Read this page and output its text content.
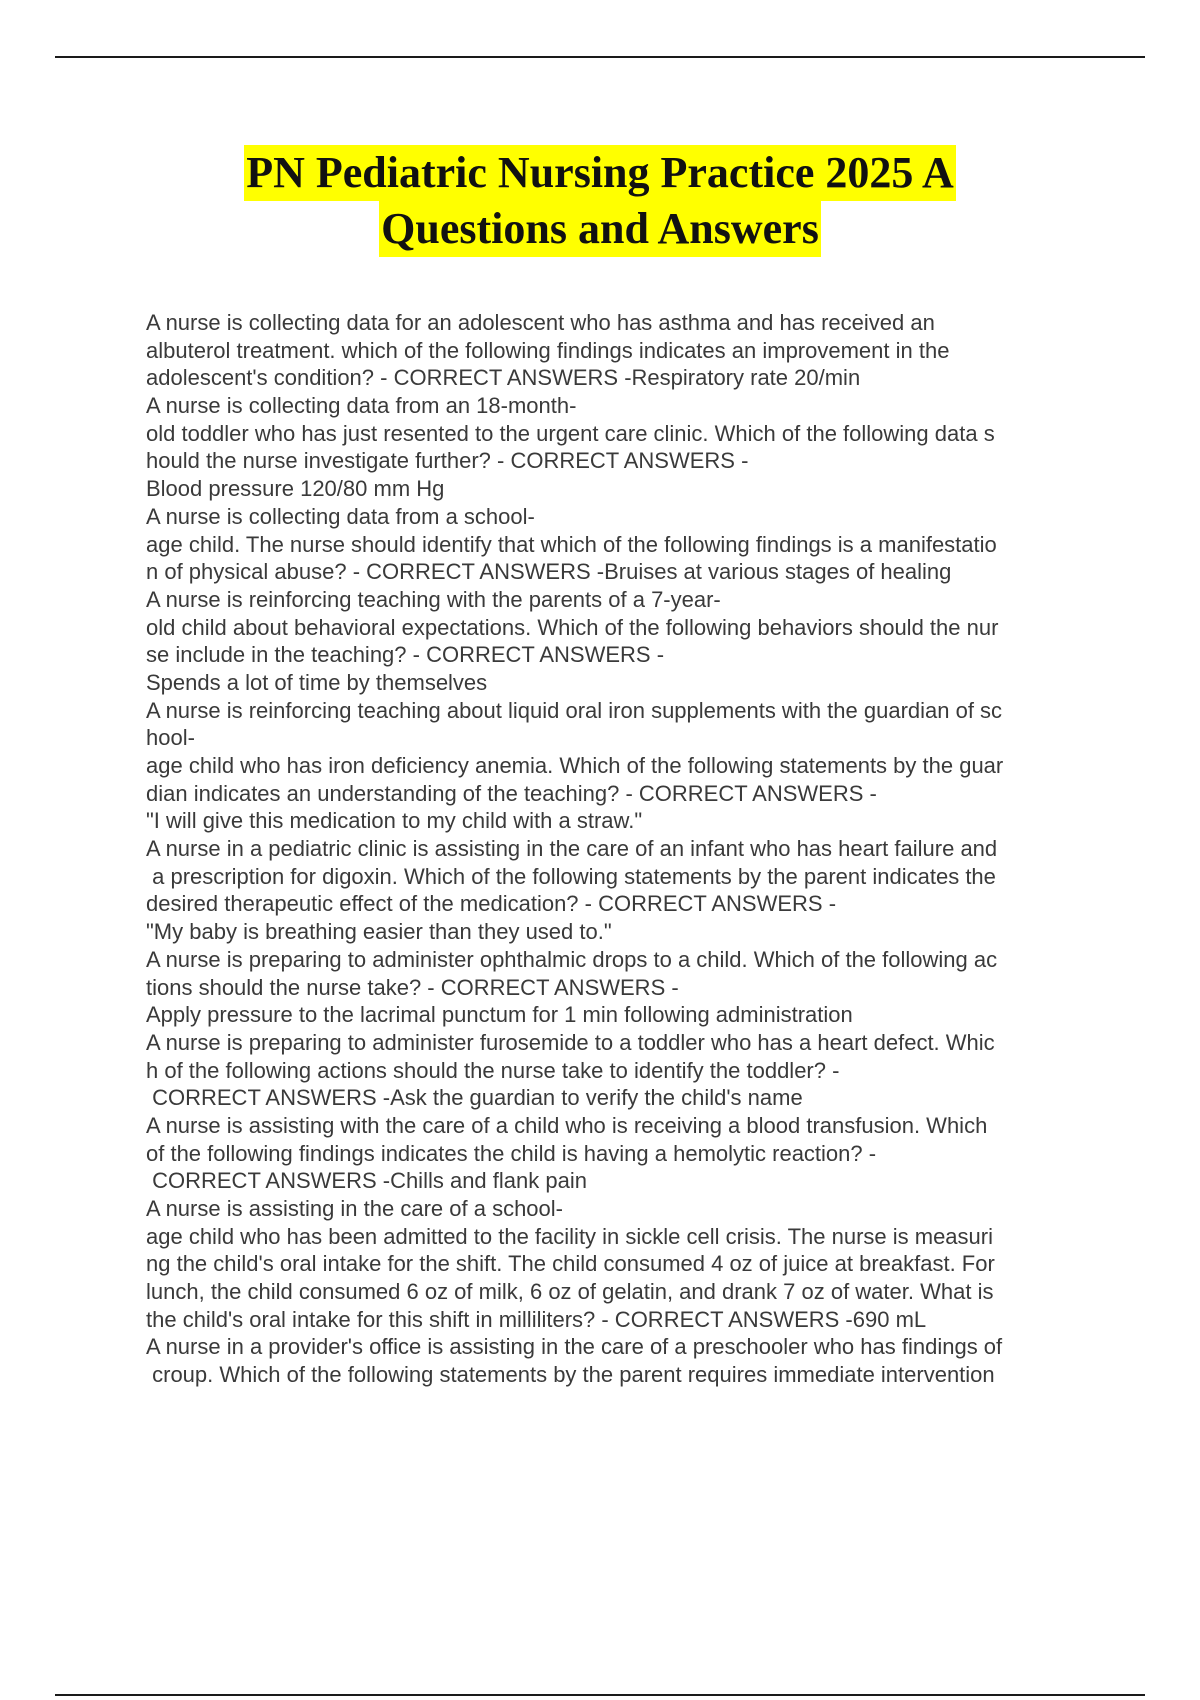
PN Pediatric Nursing Practice 2025 A
Questions and Answers
A nurse is collecting data for an adolescent who has asthma and has received an
albuterol treatment. which of the following findings indicates an improvement in the
adolescent's condition? - CORRECT ANSWERS -Respiratory rate 20/min
A nurse is collecting data from an 18-month-
old toddler who has just resented to the urgent care clinic. Which of the following data s
hould the nurse investigate further? - CORRECT ANSWERS -
Blood pressure 120/80 mm Hg
A nurse is collecting data from a school-
age child. The nurse should identify that which of the following findings is a manifestatio
n of physical abuse? - CORRECT ANSWERS -Bruises at various stages of healing
A nurse is reinforcing teaching with the parents of a 7-year-
old child about behavioral expectations. Which of the following behaviors should the nur
se include in the teaching? - CORRECT ANSWERS -
Spends a lot of time by themselves
A nurse is reinforcing teaching about liquid oral iron supplements with the guardian of sc
hool-
age child who has iron deficiency anemia. Which of the following statements by the guar
dian indicates an understanding of the teaching? - CORRECT ANSWERS -
"I will give this medication to my child with a straw."
A nurse in a pediatric clinic is assisting in the care of an infant who has heart failure and
a prescription for digoxin. Which of the following statements by the parent indicates the
desired therapeutic effect of the medication? - CORRECT ANSWERS -
"My baby is breathing easier than they used to."
A nurse is preparing to administer ophthalmic drops to a child. Which of the following ac
tions should the nurse take? - CORRECT ANSWERS -
Apply pressure to the lacrimal punctum for 1 min following administration
A nurse is preparing to administer furosemide to a toddler who has a heart defect. Whic
h of the following actions should the nurse take to identify the toddler? -
CORRECT ANSWERS -Ask the guardian to verify the child's name
A nurse is assisting with the care of a child who is receiving a blood transfusion. Which
of the following findings indicates the child is having a hemolytic reaction? -
CORRECT ANSWERS -Chills and flank pain
A nurse is assisting in the care of a school-
age child who has been admitted to the facility in sickle cell crisis. The nurse is measuri
ng the child's oral intake for the shift. The child consumed 4 oz of juice at breakfast. For
lunch, the child consumed 6 oz of milk, 6 oz of gelatin, and drank 7 oz of water. What is
the child's oral intake for this shift in milliliters? - CORRECT ANSWERS -690 mL
A nurse in a provider's office is assisting in the care of a preschooler who has findings of
croup. Which of the following statements by the parent requires immediate intervention
